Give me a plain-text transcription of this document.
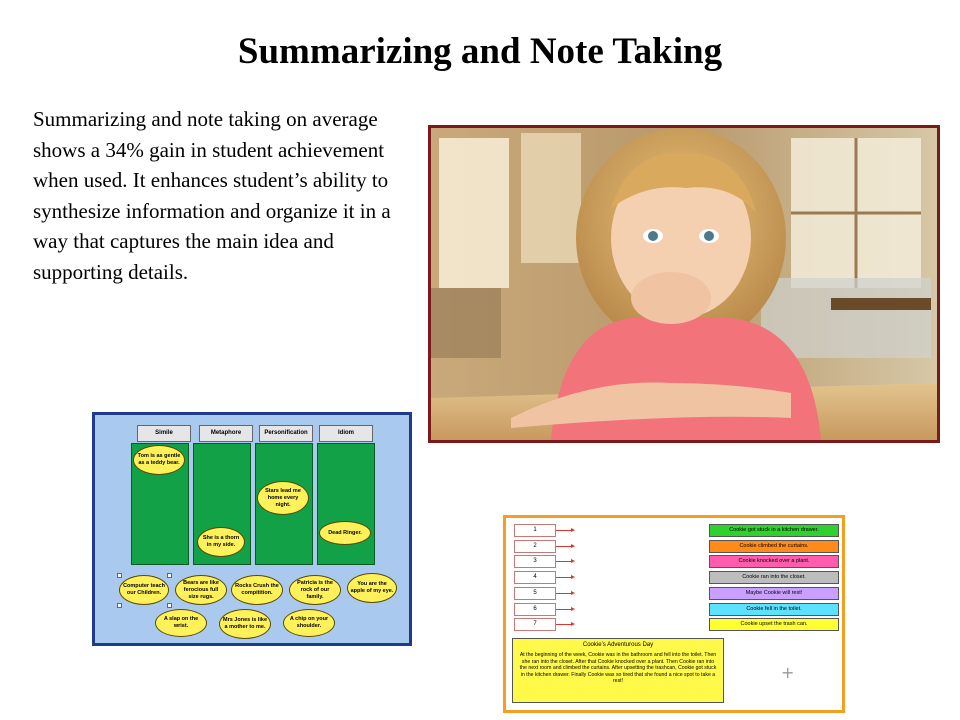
Summarizing and Note Taking
Summarizing and note taking on average shows a 34% gain in student achievement when used. It enhances student’s ability to synthesize information and organize it in a way that captures the main idea and supporting details.
Simile	Metaphore	Personification	Idiom
Tom is as gentle as a teddy bear.
She is a thorn in my side.
Stars lead me home every night.
Dead Ringer.
Computer teach our Children.
Bears are like ferocious full size rugs.
Rocks Crush the compitition.
Patricia is the rock of our family.
You are the apple of my eye.
A slap on the wrist.
Mrs Jones is like a mother to me.
A chip on your shoulder.
1
2
3
4
5
6
7
Cookie got stuck in a kitchen drawer.
Cookie climbed the curtains.
Cookie knocked over a plant.
Cookie ran into the closet.
Maybe Cookie will rest!
Cookie fell in the toilet.
Cookie upset the trash can.
Cookie’s Adventurous Day
At the beginning of the week, Cookie was in the bathroom and fell into the toilet. Then she ran into the closet. After that Cookie knocked over a plant. Then Cookie ran into the next room and climbed the curtains. After upsetting the trashcan, Cookie got stuck in the kitchen drawer. Finally Cookie was so tired that she found a nice spot to take a rest!	+
